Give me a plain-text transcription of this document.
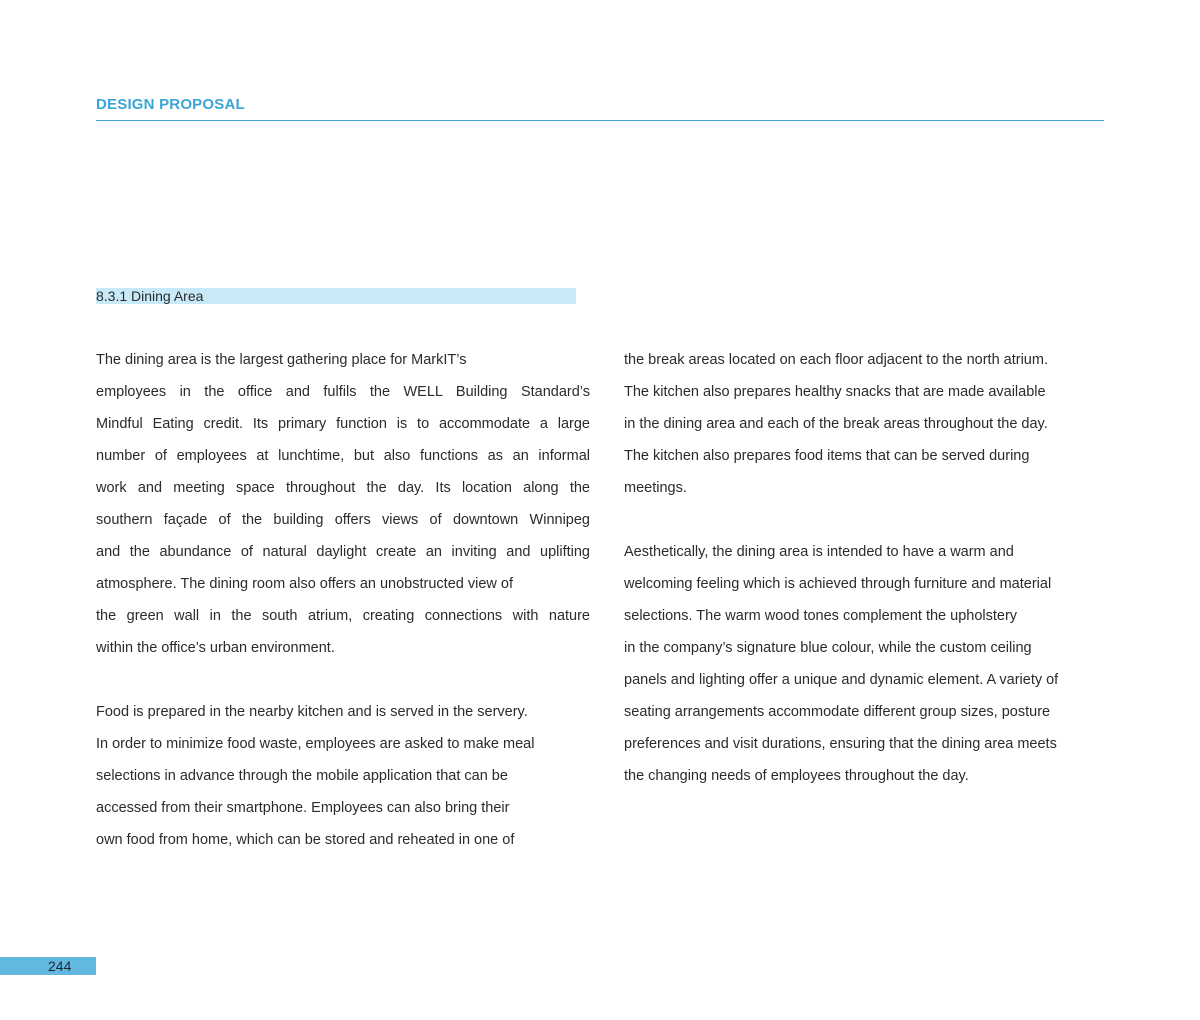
DESIGN PROPOSAL
8.3.1 Dining Area
The dining area is the largest gathering place for MarkIT’s
employees in the office and fulfils the WELL Building Standard’s
Mindful Eating credit. Its primary function is to accommodate a large
number of employees at lunchtime, but also functions as an informal
work and meeting space throughout the day. Its location along the
southern façade of the building offers views of downtown Winnipeg
and the abundance of natural daylight create an inviting and uplifting
atmosphere. The dining room also offers an unobstructed view of
the green wall in the south atrium, creating connections with nature
within the office’s urban environment.
Food is prepared in the nearby kitchen and is served in the servery.
In order to minimize food waste, employees are asked to make meal
selections in advance through the mobile application that can be
accessed from their smartphone. Employees can also bring their
own food from home, which can be stored and reheated in one of
the break areas located on each floor adjacent to the north atrium.
The kitchen also prepares healthy snacks that are made available
in the dining area and each of the break areas throughout the day.
The kitchen also prepares food items that can be served during
meetings.
Aesthetically, the dining area is intended to have a warm and
welcoming feeling which is achieved through furniture and material
selections. The warm wood tones complement the upholstery
in the company’s signature blue colour, while the custom ceiling
panels and lighting offer a unique and dynamic element. A variety of
seating arrangements accommodate different group sizes, posture
preferences and visit durations, ensuring that the dining area meets
the changing needs of employees throughout the day.
244
